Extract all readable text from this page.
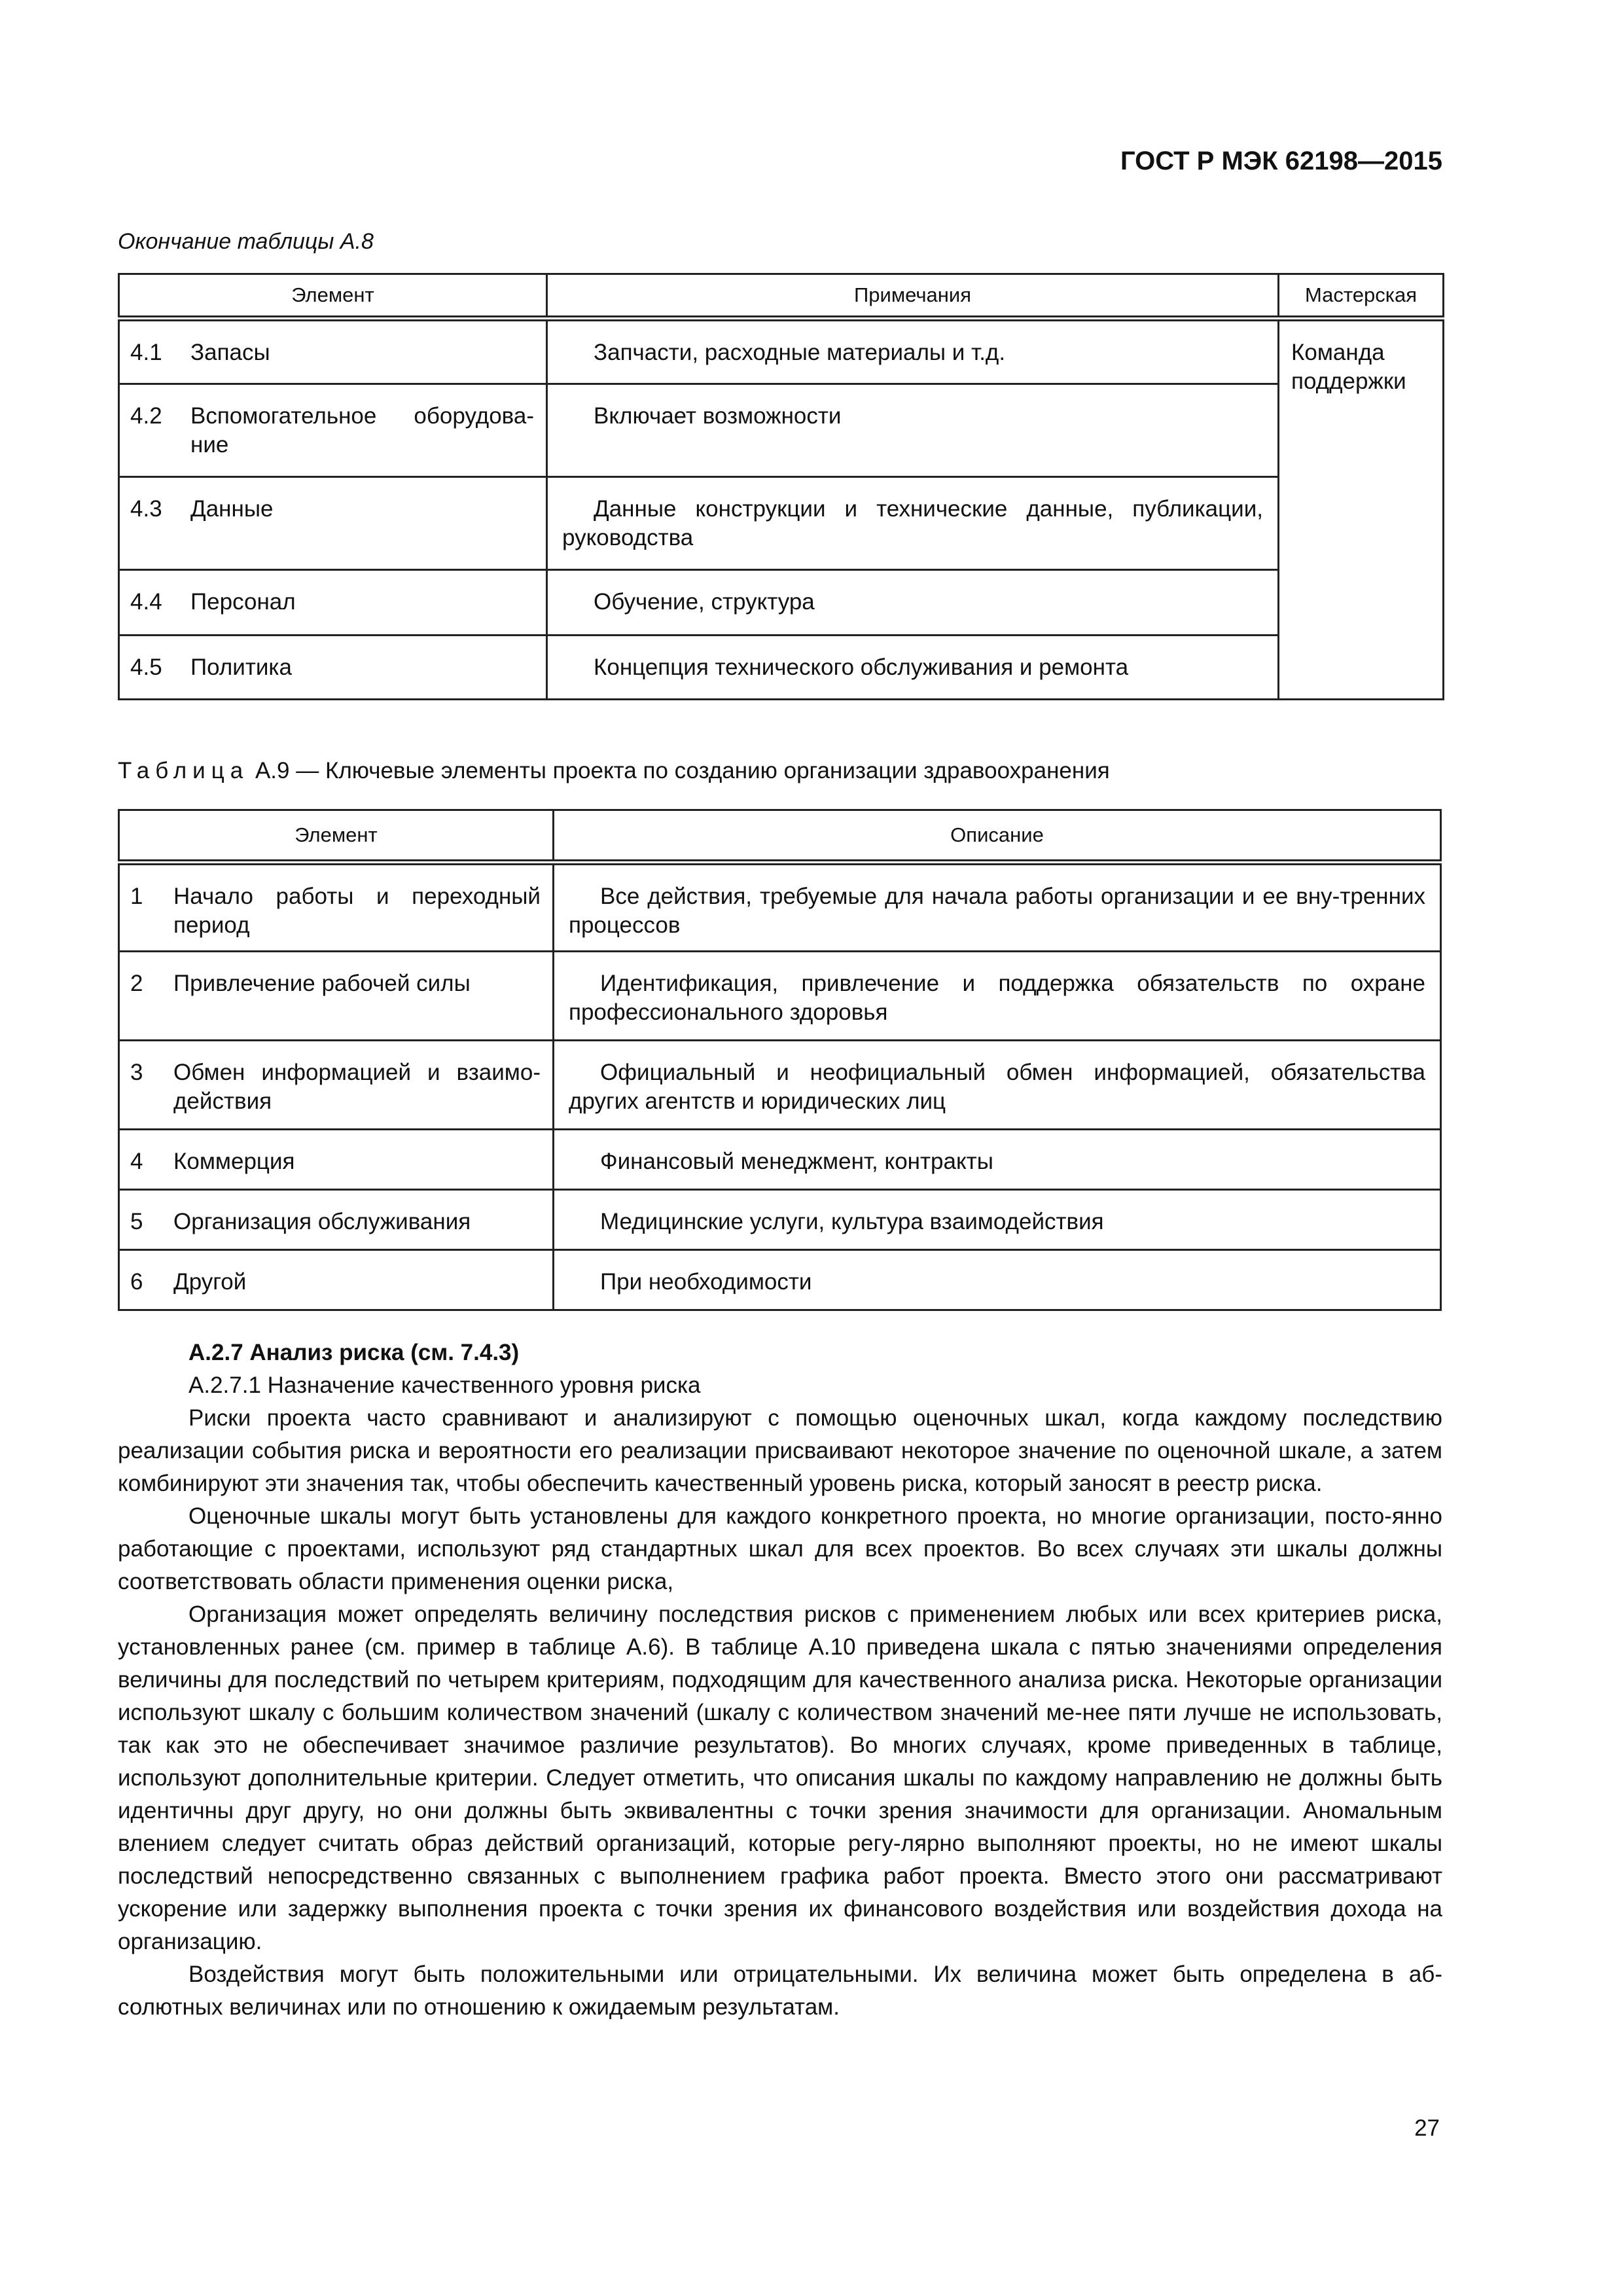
ГОСТ Р МЭК 62198—2015
Окончание таблицы А.8
Элемент	Примечания	Мастерская

4.1 Запасы	Запчасти, расходные материалы и т.д.	Команда поддержки

4.2 Вспомогательное оборудова-ние	Включает возможности	

4.3 Данные	Данные конструкции и технические данные, публикации, руководства	

4.4 Персонал	Обучение, структура	

4.5 Политика	Концепция технического обслуживания и ремонта	
Таблица А.9 — Ключевые элементы проекта по созданию организации здравоохранения
Элемент	Описание

1 Начало работы и переходный период	Все действия, требуемые для начала работы организации и ее вну-тренних процессов

2 Привлечение рабочей силы	Идентификация, привлечение и поддержка обязательств по охране профессионального здоровья

3 Обмен информацией и взаимо-действия	Официальный и неофициальный обмен информацией, обязательства других агентств и юридических лиц

4 Коммерция	Финансовый менеджмент, контракты

5 Организация обслуживания	Медицинские услуги, культура взаимодействия

6 Другой	При необходимости
А.2.7 Анализ риска (см. 7.4.3)
А.2.7.1 Назначение качественного уровня риска

Риски проекта часто сравнивают и анализируют с помощью оценочных шкал, когда каждому последствию реализации события риска и вероятности его реализации присваивают некоторое значение по оценочной шкале, а затем комбинируют эти значения так, чтобы обеспечить качественный уровень риска, который заносят в реестр риска.

Оценочные шкалы могут быть установлены для каждого конкретного проекта, но многие организации, посто-янно работающие с проектами, используют ряд стандартных шкал для всех проектов. Во всех случаях эти шкалы должны соответствовать области применения оценки риска,

Организация может определять величину последствия рисков с применением любых или всех критериев риска, установленных ранее (см. пример в таблице А.6). В таблице А.10 приведена шкала с пятью значениями определения величины для последствий по четырем критериям, подходящим для качественного анализа риска. Некоторые организации используют шкалу с большим количеством значений (шкалу с количеством значений ме-нее пяти лучше не использовать, так как это не обеспечивает значимое различие результатов). Во многих случаях, кроме приведенных в таблице, используют дополнительные критерии. Следует отметить, что описания шкалы по каждому направлению не должны быть идентичны друг другу, но они должны быть эквивалентны с точки зрения значимости для организации. Аномальным влением следует считать образ действий организаций, которые регу-лярно выполняют проекты, но не имеют шкалы последствий непосредственно связанных с выполнением графика работ проекта. Вместо этого они рассматривают ускорение или задержку выполнения проекта с точки зрения их финансового воздействия или воздействия дохода на организацию.

Воздействия могут быть положительными или отрицательными. Их величина может быть определена в аб-солютных величинах или по отношению к ожидаемым результатам.

27
